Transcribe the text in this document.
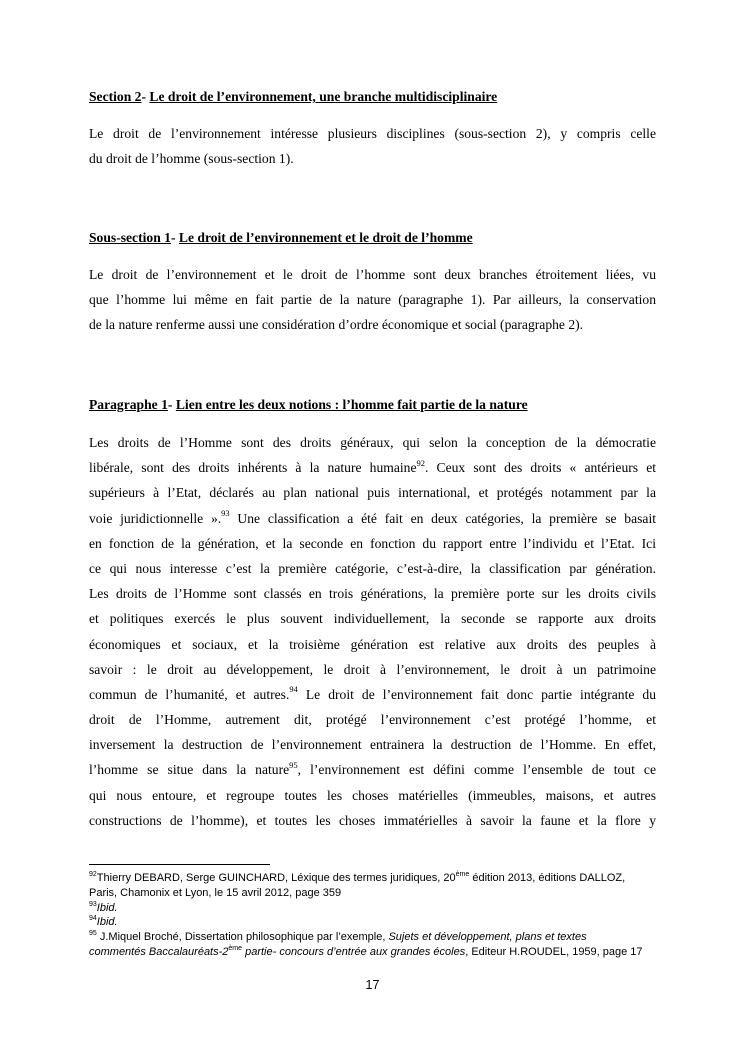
Section 2- Le droit de l’environnement, une branche multidisciplinaire
Le droit de l’environnement intéresse plusieurs disciplines (sous-section 2), y compris celle
du droit de l’homme (sous-section 1).
Sous-section 1- Le droit de l’environnement et le droit de l’homme
Le droit de l’environnement et le droit de l’homme sont deux branches étroitement liées, vu
que l’homme lui même en fait partie de la nature (paragraphe 1). Par ailleurs, la conservation
de la nature renferme aussi une considération d’ordre économique et social (paragraphe 2).
Paragraphe 1- Lien entre les deux notions : l’homme fait partie de la nature
Les droits de l’Homme sont des droits généraux, qui selon la conception de la démocratie
libérale, sont des droits inhérents à la nature humaine$^{92}$. Ceux sont des droits « antérieurs et
supérieurs à l’Etat, déclarés au plan national puis international, et protégés notamment par la
voie juridictionnelle ».$^{93}$ Une classification a été fait en deux catégories, la première se basait
en fonction de la génération, et la seconde en fonction du rapport entre l’individu et l’Etat. Ici
ce qui nous interesse c’est la première catégorie, c’est-à-dire, la classification par génération.
Les droits de l’Homme sont classés en trois générations, la première porte sur les droits civils
et politiques exercés le plus souvent individuellement, la seconde se rapporte aux droits
économiques et sociaux, et la troisième génération est relative aux droits des peuples à
savoir : le droit au développement, le droit à l’environnement, le droit à un patrimoine
commun de l’humanité, et autres.$^{94}$ Le droit de l’environnement fait donc partie intégrante du
droit de l’Homme, autrement dit, protégé l’environnement c’est protégé l’homme, et
inversement la destruction de l’environnement entrainera la destruction de l’Homme. En effet,
l’homme se situe dans la nature$^{95}$, l’environnement est défini comme l’ensemble de tout ce
qui nous entoure, et regroupe toutes les choses matérielles (immeubles, maisons, et autres
constructions de l’homme), et toutes les choses immatérielles à savoir la faune et la flore y
$^{92}$Thierry DEBARD, Serge GUINCHARD, Léxique des termes juridiques, 20ème édition 2013, éditions DALLOZ,
Paris, Chamonix et Lyon, le 15 avril 2012, page 359
$^{93}$Ibid.
$^{94}$Ibid.
$^{95}$ J.Miquel Broché, Dissertation philosophique par l’exemple, Sujets et développement, plans et textes
commentés Baccalauréats-2ème partie- concours d’entrée aux grandes écoles, Editeur H.ROUDEL, 1959, page 17
17
